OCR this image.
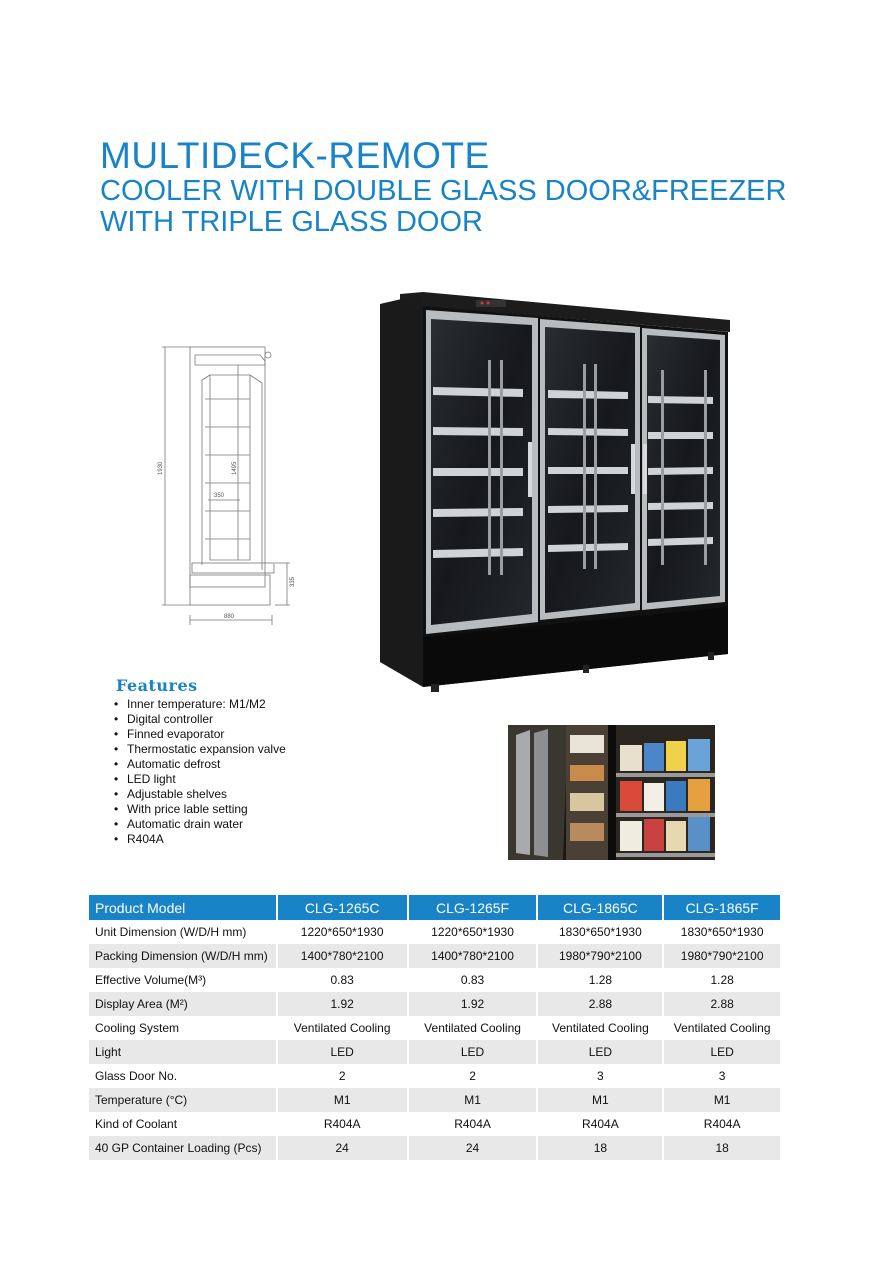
MULTIDECK-REMOTE
COOLER WITH DOUBLE GLASS DOOR&FREEZER WITH TRIPLE GLASS DOOR
1930	1495
350
335
880
Features
• Inner temperature: M1/M2
• Digital controller
• Finned evaporator
• Thermostatic expansion valve
• Automatic defrost
• LED light
• Adjustable shelves
• With price lable setting
• Automatic drain water
• R404A
Product Model	CLG-1265C	CLG-1265F	CLG-1865C	CLG-1865F
Unit Dimension (W/D/H mm)	1220*650*1930	1220*650*1930	1830*650*1930	1830*650*1930
Packing Dimension (W/D/H mm)	1400*780*2100	1400*780*2100	1980*790*2100	1980*790*2100
Effective Volume(M³)	0.83	0.83	1.28	1.28
Display Area (M²)	1.92	1.92	2.88	2.88
Cooling System	Ventilated Cooling	Ventilated Cooling	Ventilated Cooling	Ventilated Cooling
Light	LED	LED	LED	LED
Glass Door No.	2	2	3	3
Temperature (°C)	M1	M1	M1	M1
Kind of Coolant	R404A	R404A	R404A	R404A
40 GP Container Loading (Pcs)	24	24	18	18
